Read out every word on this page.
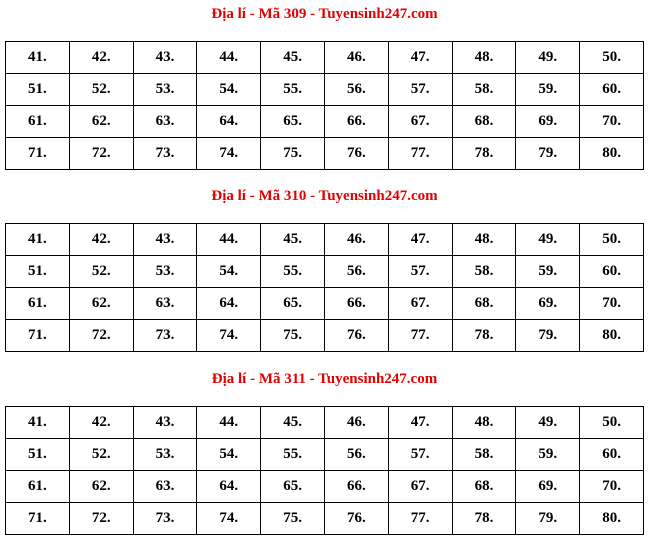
Địa lí - Mã 309 - Tuyensinh247.com
41.	42.	43.	44.	45.	46.	47.	48.	49.	50.
51.	52.	53.	54.	55.	56.	57.	58.	59.	60.
61.	62.	63.	64.	65.	66.	67.	68.	69.	70.
71.	72.	73.	74.	75.	76.	77.	78.	79.	80.
Địa lí - Mã 310 - Tuyensinh247.com
41.	42.	43.	44.	45.	46.	47.	48.	49.	50.
51.	52.	53.	54.	55.	56.	57.	58.	59.	60.
61.	62.	63.	64.	65.	66.	67.	68.	69.	70.
71.	72.	73.	74.	75.	76.	77.	78.	79.	80.
Địa lí - Mã 311 - Tuyensinh247.com
41.	42.	43.	44.	45.	46.	47.	48.	49.	50.
51.	52.	53.	54.	55.	56.	57.	58.	59.	60.
61.	62.	63.	64.	65.	66.	67.	68.	69.	70.
71.	72.	73.	74.	75.	76.	77.	78.	79.	80.
